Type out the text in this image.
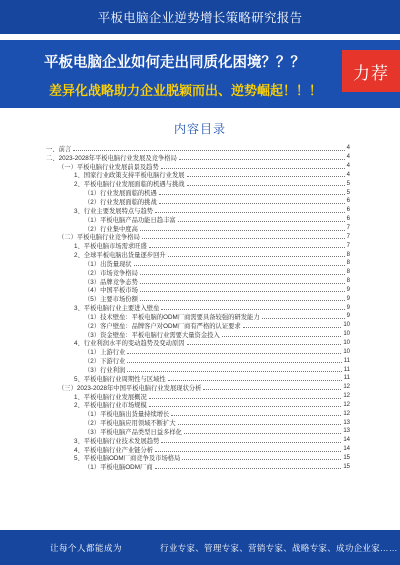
平板电脑企业逆势增长策略研究报告
平板电脑企业如何走出同质化困境？？？
差异化战略助力企业脱颖而出、逆势崛起！！！
力荐
内容目录
一、前言	4
二、2023-2028年平板电脑行业发展及竞争格局	4
（一）平板电脑行业发展前景及趋势	4
1、国家行业政策支持平板电脑行业发展	4
2、平板电脑行业发展面临的机遇与挑战	5
（1）行业发展面临的机遇	5
（2）行业发展面临的挑战	6
3、行业主要发展特点与趋势	6
（1）平板电脑产品功能日趋丰富	6
（2）行业集中度高	7
（二）平板电脑行业竞争格局	7
1、平板电脑市场需求旺盛	7
2、全球平板电脑出货量逐步回升	8
（1）出货量现状	8
（2）市场竞争格局	8
（3）品牌竞争态势	8
（4）中国平板市场	9
（5）主要市场份额	9
3、平板电脑行业主要进入壁垒	9
（1）技术壁垒：平板电脑的ODM厂商需要具备较强的研发能力	9
（2）客户壁垒：品牌客户对ODM厂商有严格的认证要求	10
（3）资金壁垒：平板电脑行业需要大量资金投入	10
4、行业利润水平的变动趋势及变动原因	10
（1）上游行业	10
（2）下游行业	11
（3）行业利润	11
5、平板电脑行业周期性与区域性	11
（三）2023-2028年中国平板电脑行业发展现状分析	12
1、平板电脑行业发展概况	12
2、平板电脑行业市场规模	12
（1）平板电脑出货量持续增长	12
（2）平板电脑应用领域不断扩大	13
（3）平板电脑产品类型日益多样化	13
3、平板电脑行业技术发展趋势	14
4、平板电脑行业产业链分析	14
5、平板电脑ODM厂商竞争及市场格局	15
（1）平板电脑ODM厂商	15
让每个人都能成为	行业专家、管理专家、营销专家、战略专家、成功企业家……
